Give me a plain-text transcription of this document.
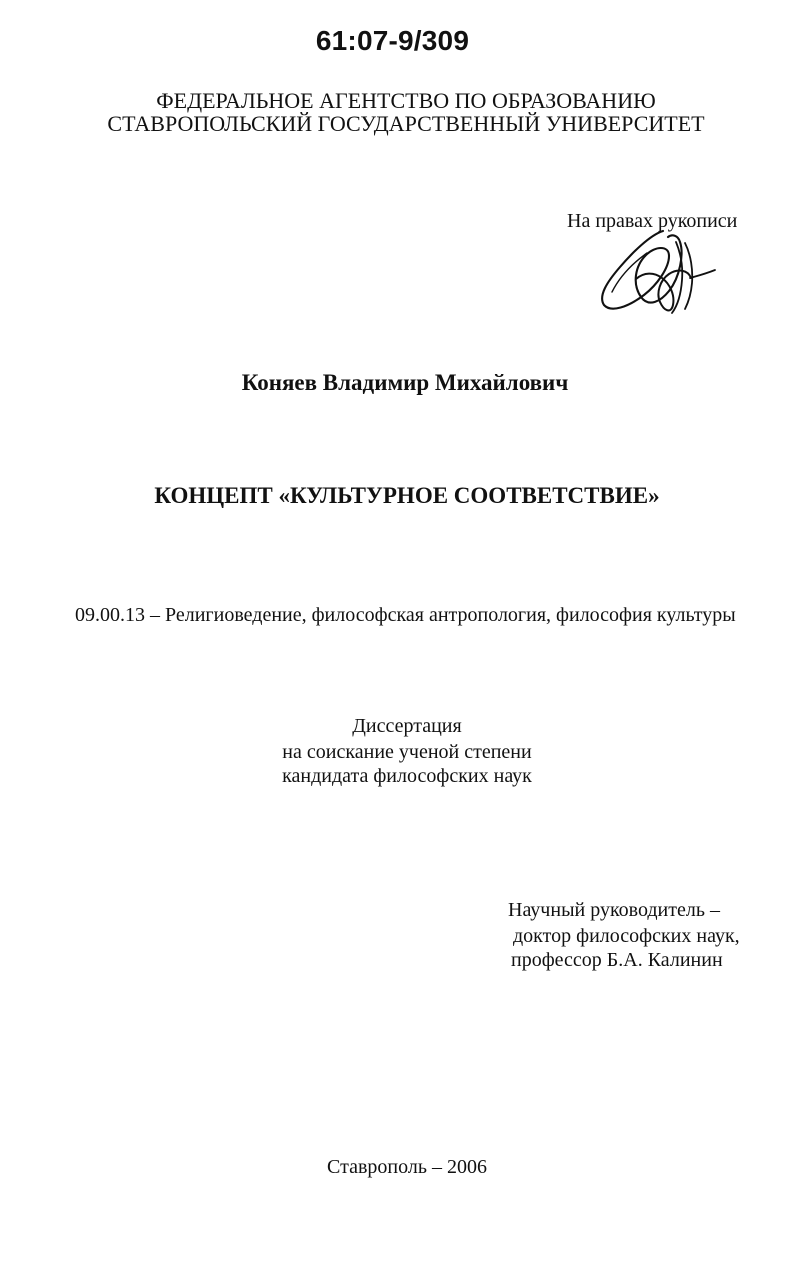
61:07-9/309
ФЕДЕРАЛЬНОЕ АГЕНТСТВО ПО ОБРАЗОВАНИЮ
СТАВРОПОЛЬСКИЙ ГОСУДАРСТВЕННЫЙ УНИВЕРСИТЕТ
На правах рукописи
Коняев Владимир Михайлович
КОНЦЕПТ «КУЛЬТУРНОЕ СООТВЕТСТВИЕ»
09.00.13 – Религиоведение, философская антропология, философия культуры
Диссертация
на соискание ученой степени
кандидата философских наук
Научный руководитель –
доктор философских наук,
профессор Б.А. Калинин
Ставрополь – 2006
